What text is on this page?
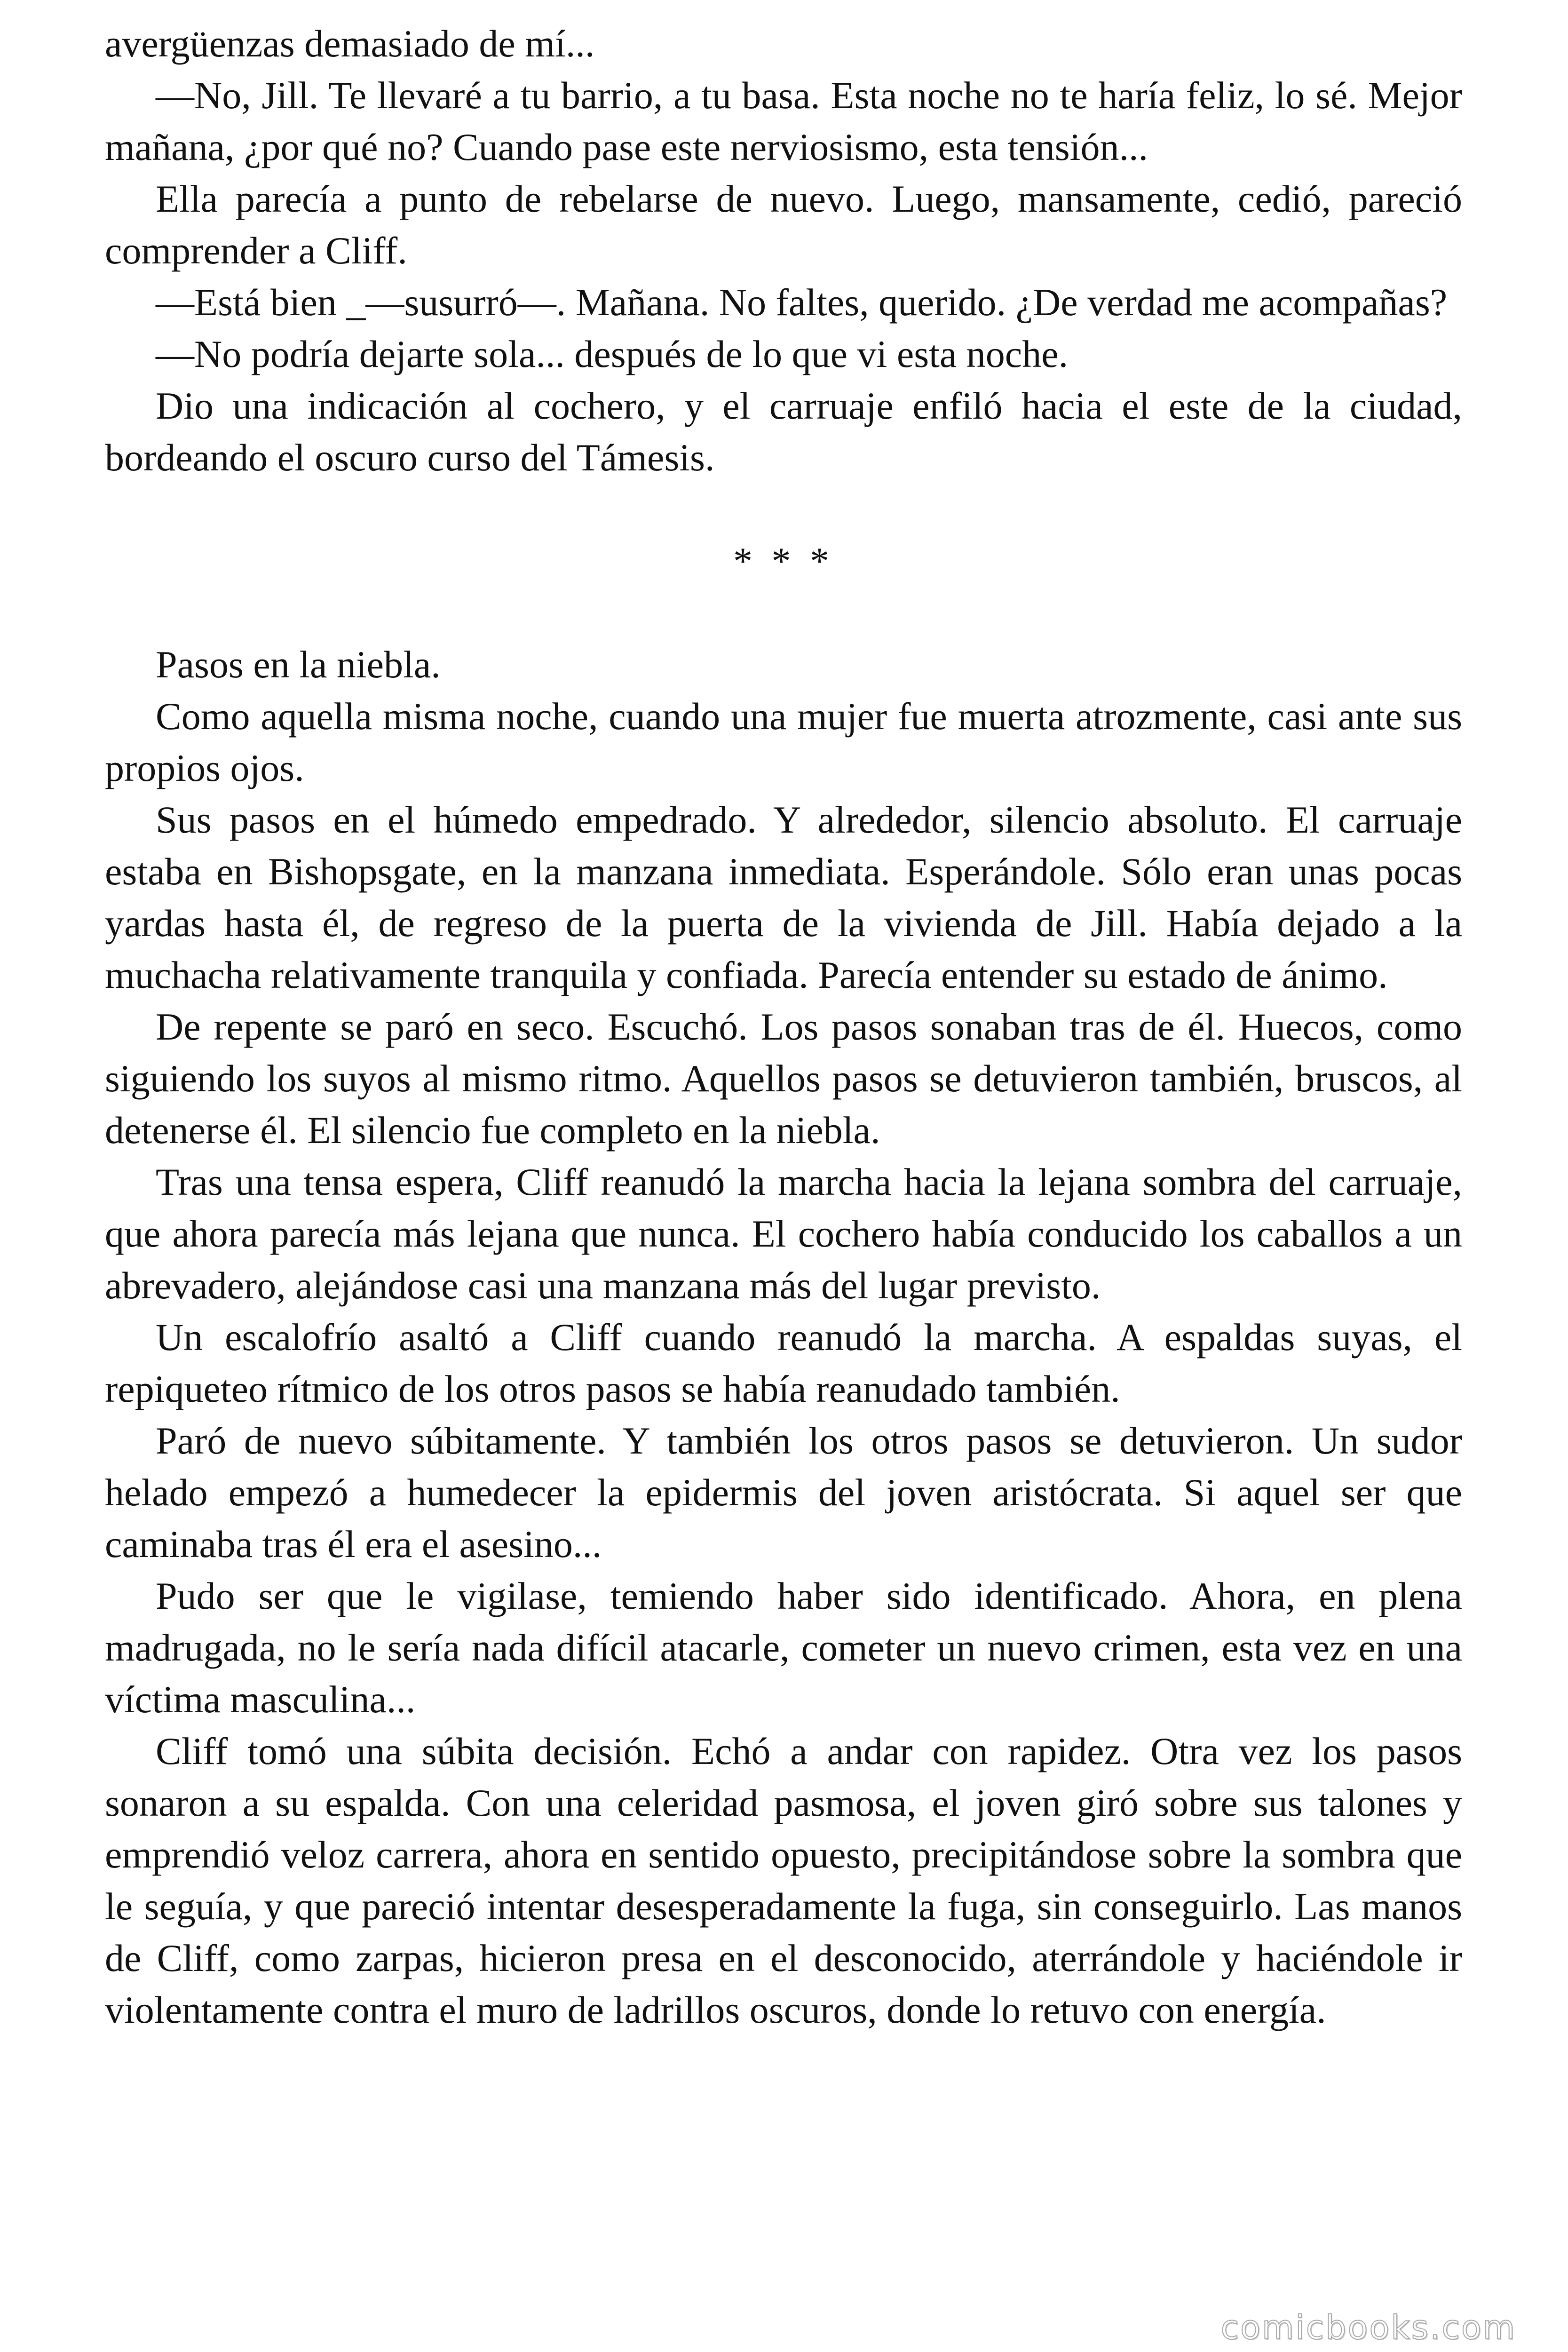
avergüenzas demasiado de mí...

—No, Jill. Te llevaré a tu barrio, a tu basa. Esta noche no te haría feliz, lo sé. Mejor mañana, ¿por qué no? Cuando pase este nerviosismo, esta tensión...

Ella parecía a punto de rebelarse de nuevo. Luego, mansamente, cedió, pareció comprender a Cliff.

—Está bien _—susurró—. Mañana. No faltes, querido. ¿De verdad me acompañas?

—No podría dejarte sola... después de lo que vi esta noche.

Dio una indicación al cochero, y el carruaje enfiló hacia el este de la ciudad, bordeando el oscuro curso del Támesis.

* * *

Pasos en la niebla.

Como aquella misma noche, cuando una mujer fue muerta atrozmente, casi ante sus propios ojos.

Sus pasos en el húmedo empedrado. Y alrededor, silencio absoluto. El carruaje estaba en Bishopsgate, en la manzana inmediata. Esperándole. Sólo eran unas pocas yardas hasta él, de regreso de la puerta de la vivienda de Jill. Había dejado a la muchacha relativamente tranquila y confiada. Parecía entender su estado de ánimo.

De repente se paró en seco. Escuchó. Los pasos sonaban tras de él. Huecos, como siguiendo los suyos al mismo ritmo. Aquellos pasos se detuvieron también, bruscos, al detenerse él. El silencio fue completo en la niebla.

Tras una tensa espera, Cliff reanudó la marcha hacia la lejana sombra del carruaje, que ahora parecía más lejana que nunca. El cochero había conducido los caballos a un abrevadero, alejándose casi una manzana más del lugar previsto.

Un escalofrío asaltó a Cliff cuando reanudó la marcha. A espaldas suyas, el repiqueteo rítmico de los otros pasos se había reanudado también.

Paró de nuevo súbitamente. Y también los otros pasos se detuvieron. Un sudor helado empezó a humedecer la epidermis del joven aristócrata. Si aquel ser que caminaba tras él era el asesino...

Pudo ser que le vigilase, temiendo haber sido identificado. Ahora, en plena madrugada, no le sería nada difícil atacarle, cometer un nuevo crimen, esta vez en una víctima masculina...

Cliff tomó una súbita decisión. Echó a andar con rapidez. Otra vez los pasos sonaron a su espalda. Con una celeridad pasmosa, el joven giró sobre sus talones y emprendió veloz carrera, ahora en sentido opuesto, precipitándose sobre la sombra que le seguía, y que pareció intentar desesperadamente la fuga, sin conseguirlo. Las manos de Cliff, como zarpas, hicieron presa en el desconocido, aterrándole y haciéndole ir violentamente contra el muro de ladrillos oscuros, donde lo retuvo con energía.

comicbooks.com
